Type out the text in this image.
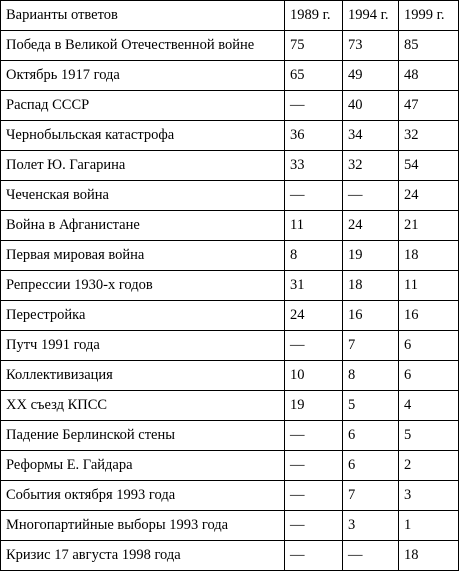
Варианты ответов	1989 г.	1994 г.	1999 г.
Победа в Великой Отечественной войне	75	73	85
Октябрь 1917 года	65	49	48
Распад СССР	—	40	47
Чернобыльская катастрофа	36	34	32
Полет Ю. Гагарина	33	32	54
Чеченская война	—	—	24
Война в Афганистане	11	24	21
Первая мировая война	8	19	18
Репрессии 1930-х годов	31	18	11
Перестройка	24	16	16
Путч 1991 года	—	7	6
Коллективизация	10	8	6
XX съезд КПСС	19	5	4
Падение Берлинской стены	—	6	5
Реформы Е. Гайдара	—	6	2
События октября 1993 года	—	7	3
Многопартийные выборы 1993 года	—	3	1
Кризис 17 августа 1998 года	—	—	18
